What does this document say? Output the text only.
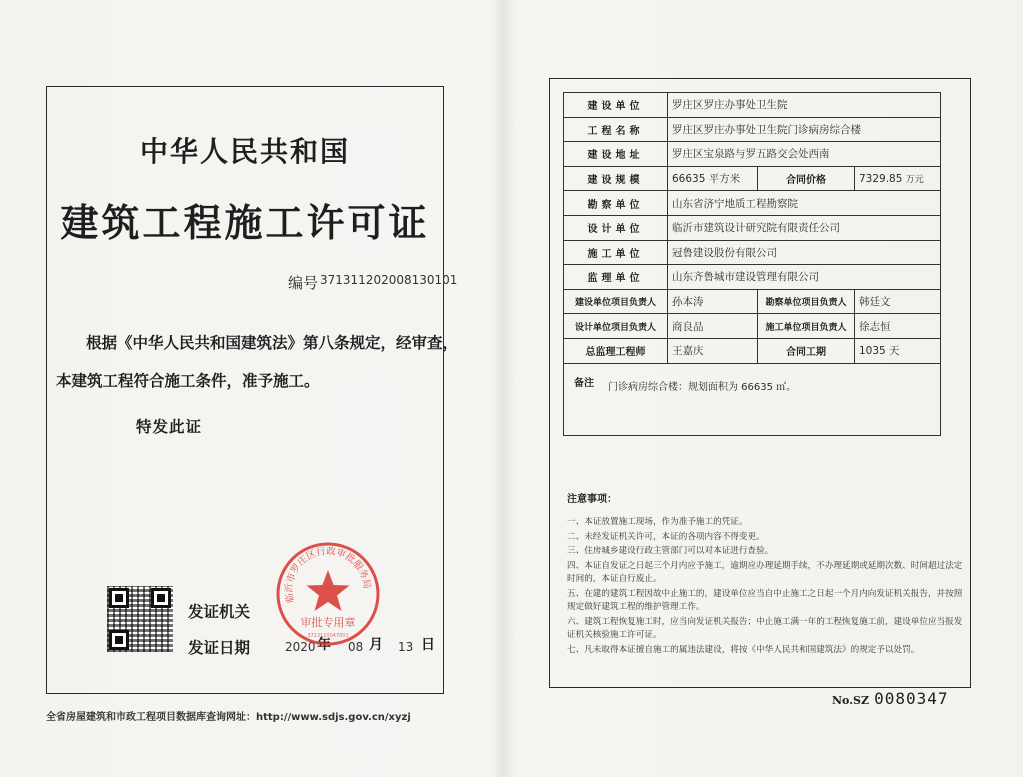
中华人民共和国
建筑工程施工许可证
编号 371311202008130101
根据《中华人民共和国建筑法》第八条规定，经审查，
本建筑工程符合施工条件，准予施工。
特发此证
发证机关
发证日期	2020 年 08 月 13 日
临沂市罗庄区行政审批服务局
审批专用章
3713110047001
全省房屋建筑和市政工程项目数据库查询网址：http://www.sdjs.gov.cn/xyzj
建设单位	罗庄区罗庄办事处卫生院		
工程名称	罗庄区罗庄办事处卫生院门诊病房综合楼		
建设地址	罗庄区宝泉路与罗五路交会处西南		
建设规模	66635 平方米	合同价格	7329.85 万元
勘察单位	山东省济宁地质工程勘察院		
设计单位	临沂市建筑设计研究院有限责任公司		
施工单位	冠鲁建设股份有限公司		
监理单位	山东齐鲁城市建设管理有限公司		
建设单位项目负责人	孙本涛	勘察单位项目负责人	韩廷文
设计单位项目负责人	商良品	施工单位项目负责人	徐志恒
总监理工程师	王嘉庆	合同工期	1035 天

备注 门诊病房综合楼：规划面积为 66635 ㎡。			
注意事项：
一、本证放置施工现场，作为准予施工的凭证。
二、未经发证机关许可，本证的各项内容不得变更。
三、住房城乡建设行政主管部门可以对本证进行查验。
四、本证自发证之日起三个月内应予施工，逾期应办理延期手续，不办理延期或延期次数、时间超过法定时间的，本证自行废止。
五、在建的建筑工程因故中止施工的，建设单位应当自中止施工之日起一个月内向发证机关报告，并按照规定做好建筑工程的维护管理工作。
六、建筑工程恢复施工时，应当向发证机关报告；中止施工满一年的工程恢复施工前，建设单位应当报发证机关核验施工许可证。
七、凡未取得本证擅自施工的属违法建设，将按《中华人民共和国建筑法》的规定予以处罚。
No.SZ 0080347
